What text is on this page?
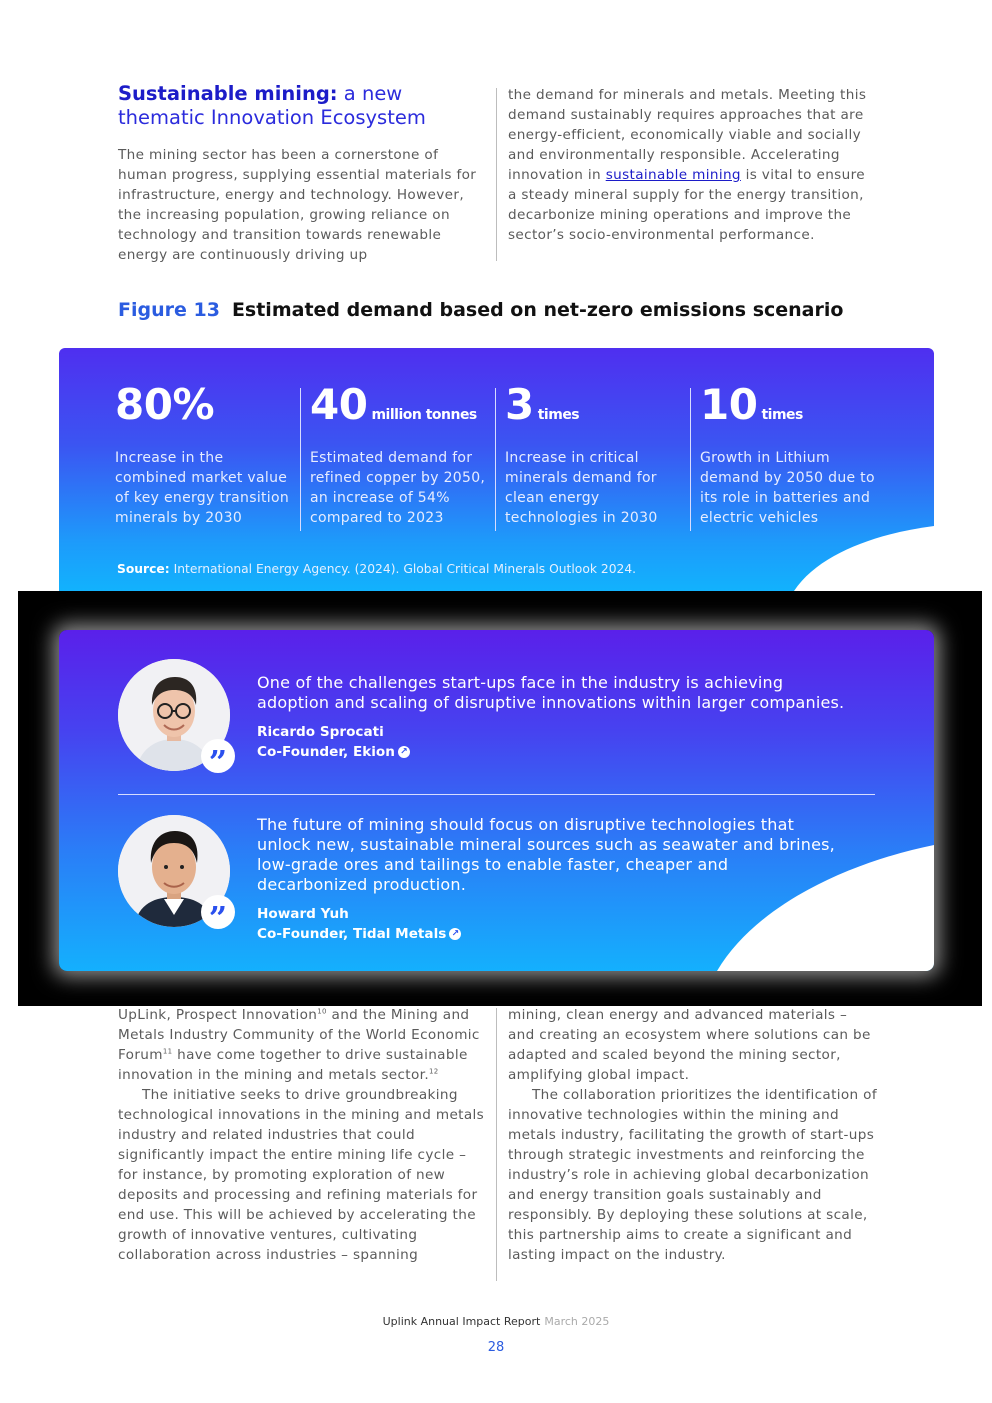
Sustainable mining: a new thematic Innovation Ecosystem
The mining sector has been a cornerstone of human progress, supplying essential materials for infrastructure, energy and technology. However, the increasing population, growing reliance on technology and transition towards renewable energy are continuously driving up
the demand for minerals and metals. Meeting this demand sustainably requires approaches that are energy-efficient, economically viable and socially and environmentally responsible. Accelerating innovation in sustainable mining is vital to ensure a steady mineral supply for the energy transition, decarbonize mining operations and improve the sector’s socio-environmental performance.
Figure 13 Estimated demand based on net-zero emissions scenario
80%
Increase in the combined market value of key energy transition minerals by 2030
40 million tonnes
Estimated demand for refined copper by 2050, an increase of 54% compared to 2023
3 times
Increase in critical minerals demand for clean energy technologies in 2030
10 times
Growth in Lithium demand by 2050 due to its role in batteries and electric vehicles
Source: International Energy Agency. (2024). Global Critical Minerals Outlook 2024.
”
One of the challenges start-ups face in the industry is achieving adoption and scaling of disruptive innovations within larger companies.
Ricardo Sprocati
Co-Founder, Ekion ↗
”
The future of mining should focus on disruptive technologies that unlock new, sustainable mineral sources such as seawater and brines, low-grade ores and tailings to enable faster, cheaper and decarbonized production.
Howard Yuh
Co-Founder, Tidal Metals ↗
UpLink, Prospect Innovation$^{10}$ and the Mining and Metals Industry Community of the World Economic Forum$^{11}$ have come together to drive sustainable innovation in the mining and metals sector.$^{12}$
The initiative seeks to drive groundbreaking technological innovations in the mining and metals industry and related industries that could significantly impact the entire mining life cycle – for instance, by promoting exploration of new deposits and processing and refining materials for end use. This will be achieved by accelerating the growth of innovative ventures, cultivating collaboration across industries – spanning
mining, clean energy and advanced materials – and creating an ecosystem where solutions can be adapted and scaled beyond the mining sector, amplifying global impact.
The collaboration prioritizes the identification of innovative technologies within the mining and metals industry, facilitating the growth of start-ups through strategic investments and reinforcing the industry’s role in achieving global decarbonization and energy transition goals sustainably and responsibly. By deploying these solutions at scale, this partnership aims to create a significant and lasting impact on the industry.
Uplink Annual Impact Report March 2025
28
